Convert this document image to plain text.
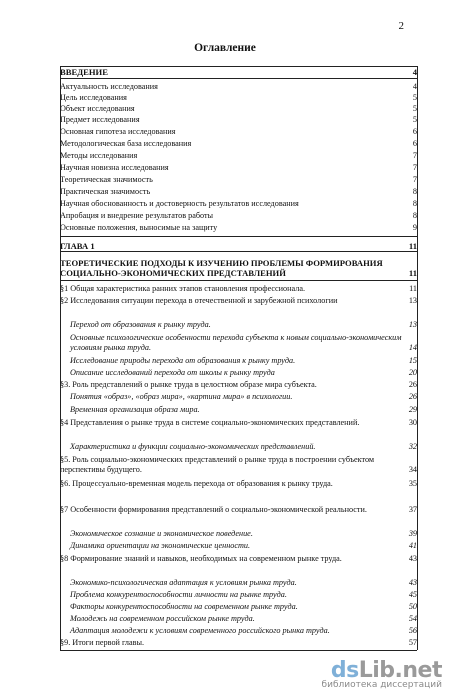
2
Оглавление
ВВЕДЕНИЕ	4
Актуальность исследования	4
Цель исследования	5
Объект исследования	5
Предмет исследования	5
Основная гипотеза исследования	6
Методологическая база исследования	6
Методы исследования	7
Научная новизна исследования	7
Теоретическая значимость	7
Практическая значимость	8
Научная обоснованность и достоверность результатов исследования	8
Апробация и внедрение результатов работы	8
Основные положения, выносимые на защиту	9
ГЛАВА 1	11
ТЕОРЕТИЧЕСКИЕ ПОДХОДЫ К ИЗУЧЕНИЮ ПРОБЛЕМЫ ФОРМИРОВАНИЯ СОЦИАЛЬНО-ЭКОНОМИЧЕСКИХ ПРЕДСТАВЛЕНИЙ	11
§1 Общая характеристика ранних этапов становления профессионала.	11
§2 Исследования ситуации перехода в отечественной и зарубежной психологии	13
Переход от образования к рынку труда.	13
Основные психологические особенности перехода субъекта к новым социально-экономическим условиям рынка труда.	14
Исследование природы перехода от образования к рынку труда.	15
Описание исследований перехода от школы к рынку труда	20
§3. Роль представлений о рынке труда в целостном образе мира субъекта.	26
Понятия «образ», «образ мира», «картина мира» в психологии.	26
Временная организация образа мира.	29
§4 Представления о рынке труда в системе социально-экономических представлений.	30
Характеристика и функции социально-экономических представлений.	32
§5. Роль социально-экономических представлений о рынке труда в построении субъектом перспективы будущего.	34
§6. Процессуально-временная модель перехода от образования к рынку труда.	35
§7 Особенности формирования представлений о социально-экономической реальности.	37
Экономическое сознание и экономическое поведение.	39
Динамика ориентации на экономические ценности.	41
§8 Формирование знаний и навыков, необходимых на современном рынке труда.	43
Экономико-психологическая адаптация к условиям рынка труда.	43
Проблема конкурентоспособности личности на рынке труда.	45
Факторы конкурентоспособности на современном рынке труда.	50
Молодежь на современном российском рынке труда.	54
Адаптация молодежи к условиям современного российского рынка труда.	56
§9. Итоги первой главы.	57
dsLib.net
библиотека диссертаций
